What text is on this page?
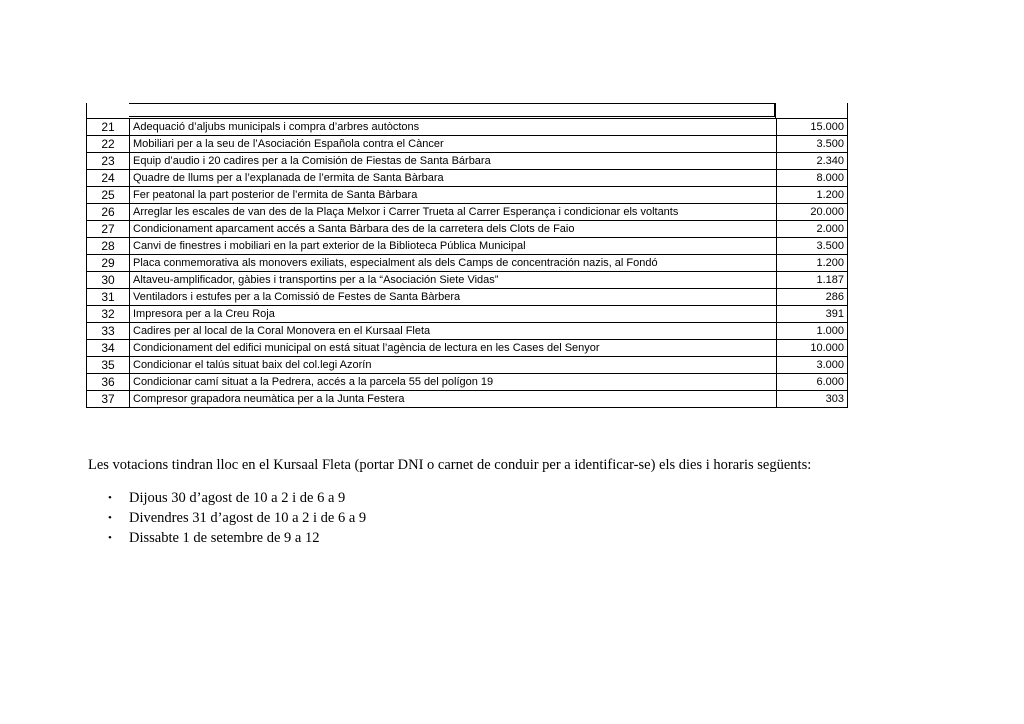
21	Adequació d’aljubs municipals i compra d’arbres autòctons	15.000
22	Mobiliari per a la seu de l’Asociación Española contra el Càncer	3.500
23	Equip d’audio i 20 cadires per a la Comisión de Fiestas de Santa Bárbara	2.340
24	Quadre de llums per a l’explanada de l’ermita de Santa Bàrbara	8.000
25	Fer peatonal la part posterior de l’ermita de Santa Bàrbara	1.200
26	Arreglar les escales de van des de la Plaça Melxor i Carrer Trueta al Carrer Esperança i condicionar els voltants	20.000
27	Condicionament aparcament accés a Santa Bàrbara des de la carretera dels Clots de Faio	2.000
28	Canvi de finestres i mobiliari en la part exterior de la Biblioteca Pública Municipal	3.500
29	Placa conmemorativa als monovers exiliats, especialment als dels Camps de concentración nazis, al Fondó	1.200
30	Altaveu-amplificador, gàbies i transportins per a la “Asociación Siete Vidas”	1.187
31	Ventiladors i estufes per a la Comissió de Festes de Santa Bàrbera	286
32	Impresora per a la Creu Roja	391
33	Cadires per al local de la Coral Monovera en el Kursaal Fleta	1.000
34	Condicionament del edifici municipal on está situat l’agència de lectura en les Cases del Senyor	10.000
35	Condicionar el talús situat baix del col.legi Azorín	3.000
36	Condicionar camí situat a la Pedrera, accés a la parcela 55 del polígon 19	6.000
37	Compresor grapadora neumàtica per a la Junta Festera	303
Les votacions tindran lloc en el Kursaal Fleta (portar DNI o carnet de conduir per a identificar-se) els dies i horaris següents:
• Dijous 30 d’agost de 10 a 2 i de 6 a 9
• Divendres 31 d’agost de 10 a 2 i de 6 a 9
• Dissabte 1 de setembre de 9 a 12
